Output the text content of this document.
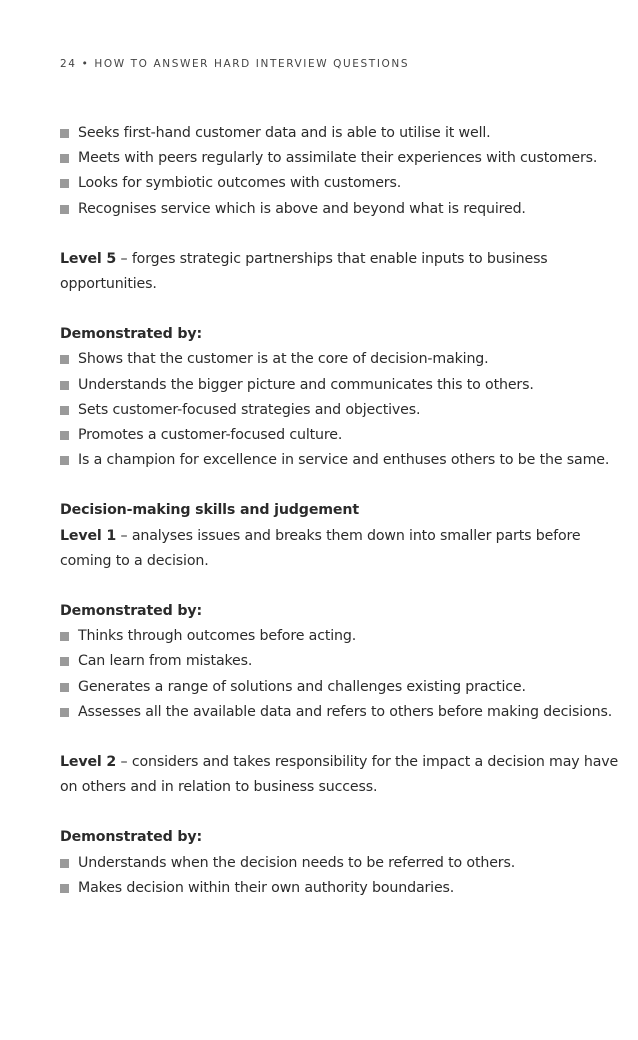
24 • HOW TO ANSWER HARD INTERVIEW QUESTIONS
Seeks first-hand customer data and is able to utilise it well.
Meets with peers regularly to assimilate their experiences with customers.
Looks for symbiotic outcomes with customers.
Recognises service which is above and beyond what is required.

Level 5 – forges strategic partnerships that enable inputs to business opportunities.

Demonstrated by:

Shows that the customer is at the core of decision-making.
Understands the bigger picture and communicates this to others.
Sets customer-focused strategies and objectives.
Promotes a customer-focused culture.
Is a champion for excellence in service and enthuses others to be the same.

Decision-making skills and judgement

Level 1 – analyses issues and breaks them down into smaller parts before coming to a decision.

Demonstrated by:

Thinks through outcomes before acting.
Can learn from mistakes.
Generates a range of solutions and challenges existing practice.
Assesses all the available data and refers to others before making decisions.

Level 2 – considers and takes responsibility for the impact a decision may have on others and in relation to business success.

Demonstrated by:

Understands when the decision needs to be referred to others.
Makes decision within their own authority boundaries.
